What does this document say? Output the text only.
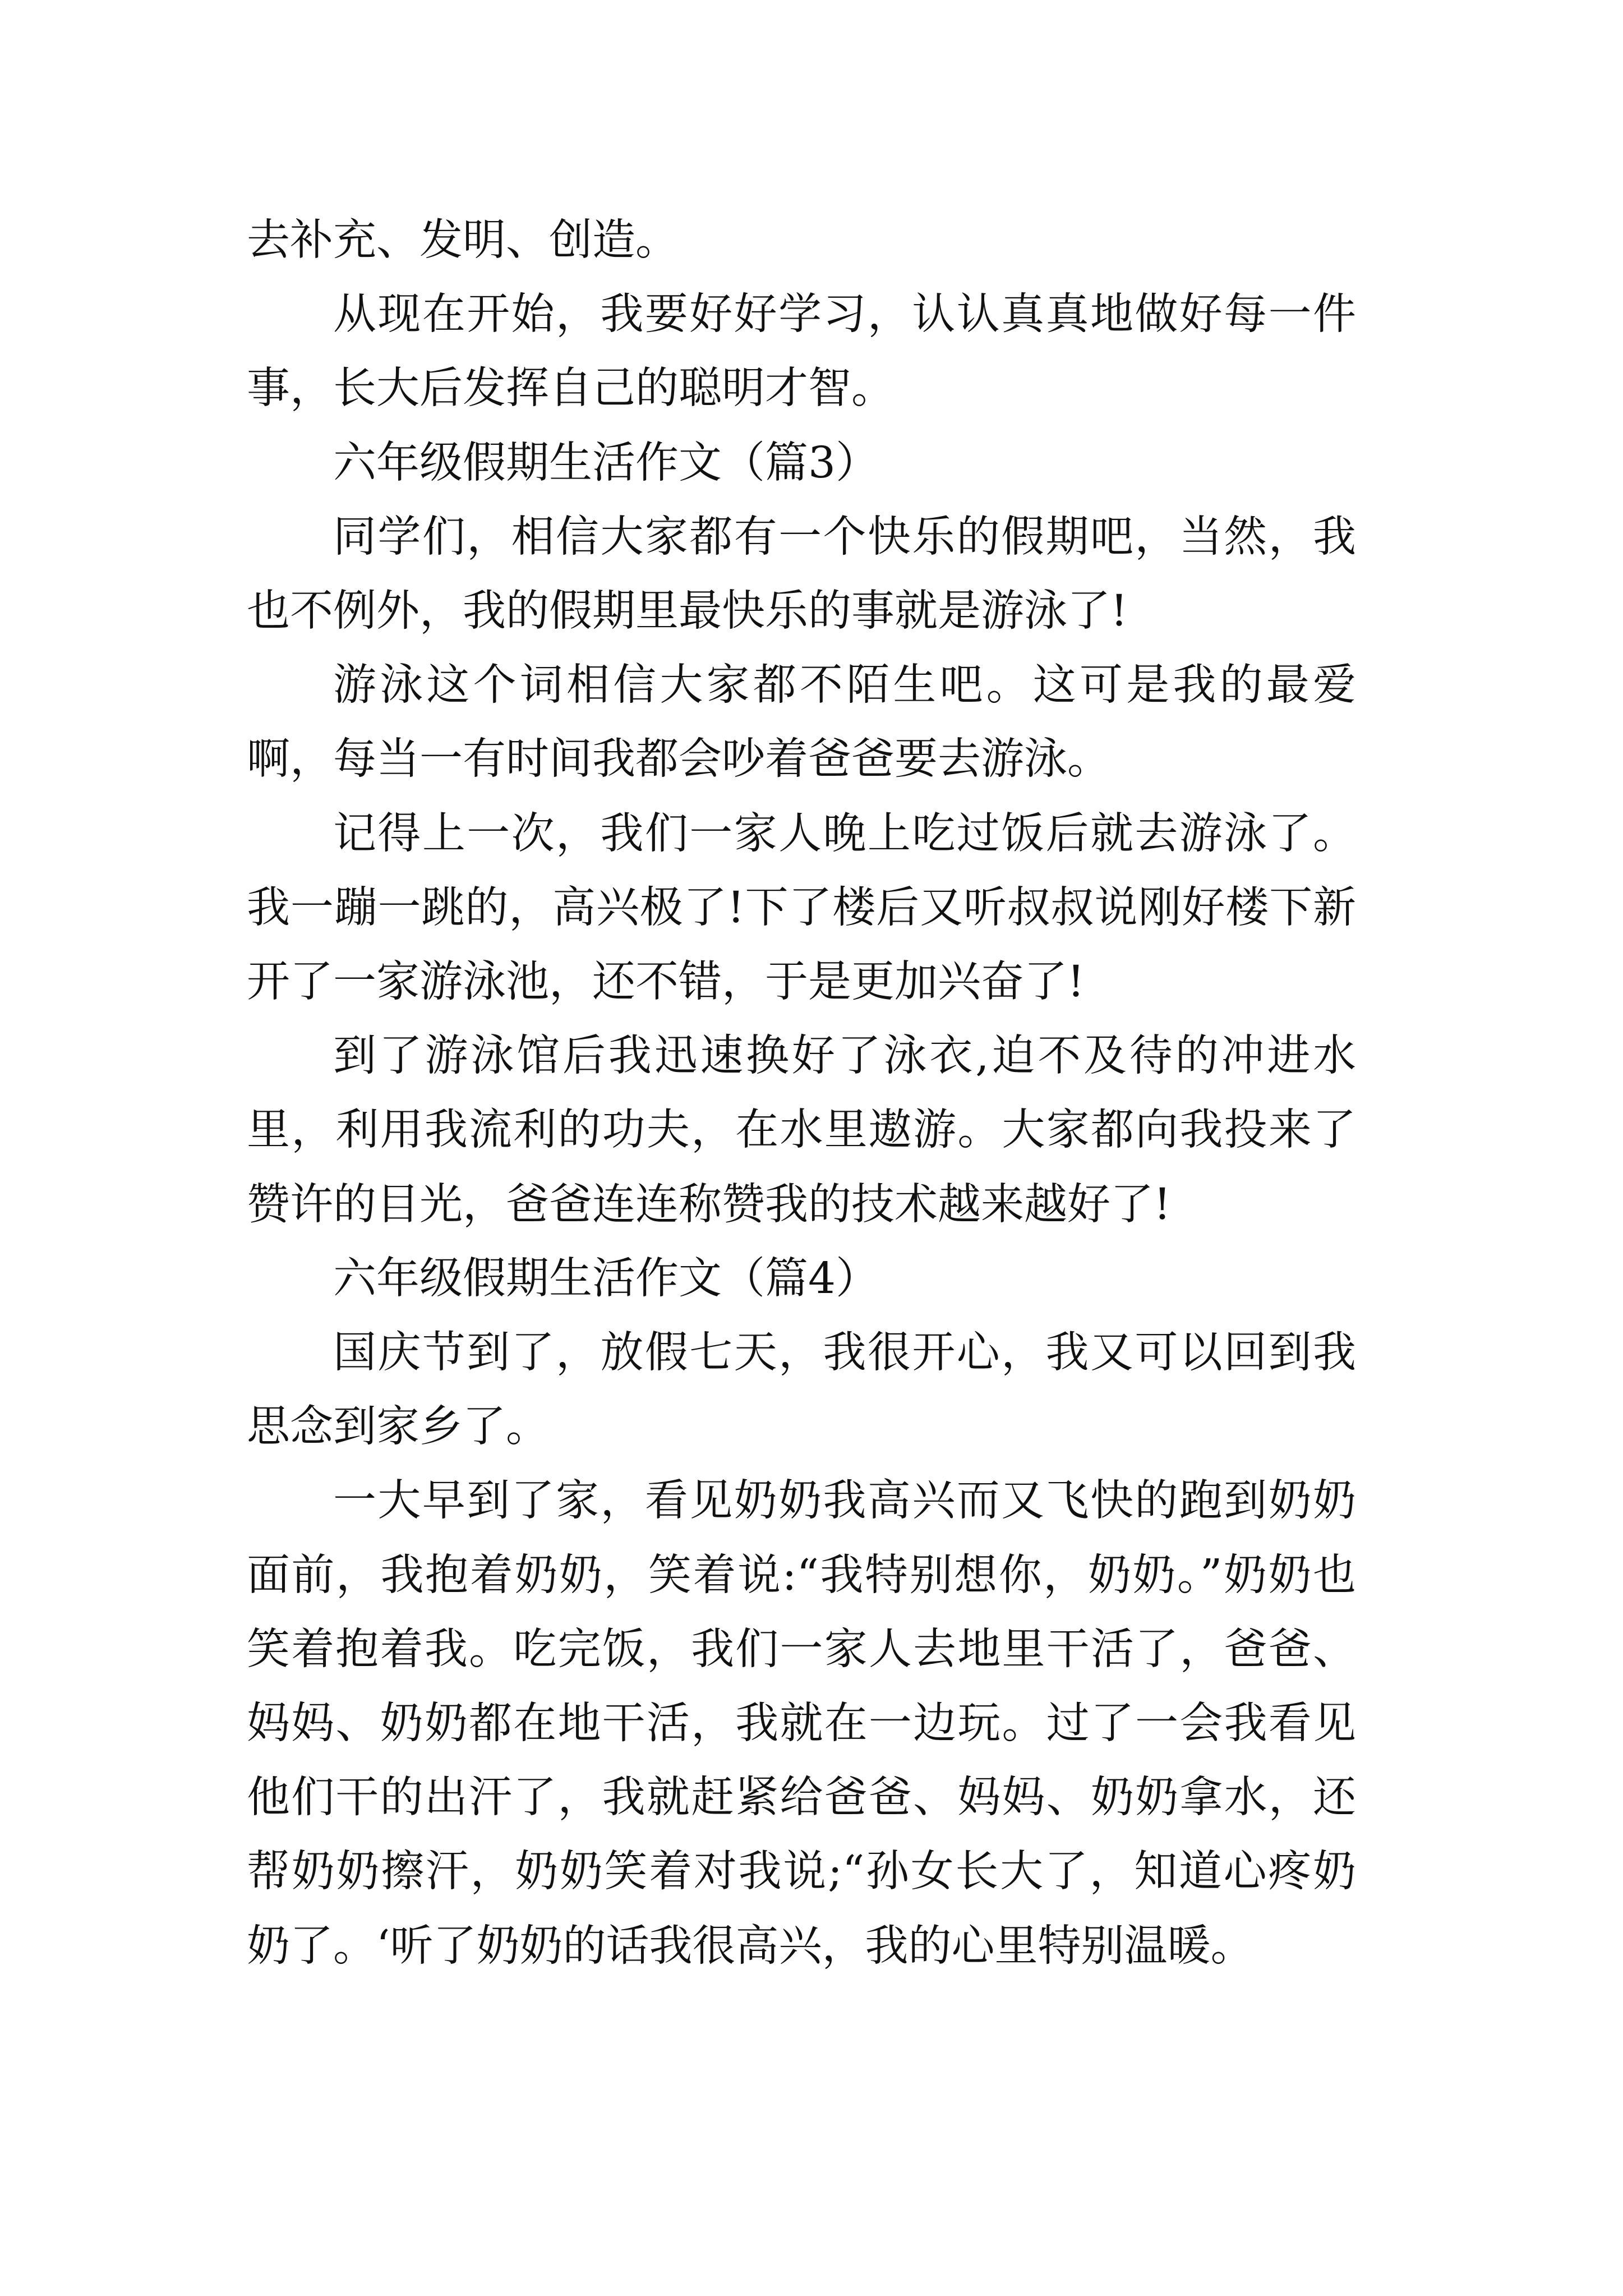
去补充、发明、创造。

从现在开始，我要好好学习，认认真真地做好每一件事，长大后发挥自己的聪明才智。

六年级假期生活作文（篇3）

同学们，相信大家都有一个快乐的假期吧，当然，我也不例外，我的假期里最快乐的事就是游泳了!

游泳这个词相信大家都不陌生吧。这可是我的最爱啊，每当一有时间我都会吵着爸爸要去游泳。

记得上一次，我们一家人晚上吃过饭后就去游泳了。我一蹦一跳的，高兴极了!下了楼后又听叔叔说刚好楼下新开了一家游泳池，还不错，于是更加兴奋了!

到了游泳馆后我迅速换好了泳衣,迫不及待的冲进水里，利用我流利的功夫，在水里遨游。大家都向我投来了赞许的目光，爸爸连连称赞我的技术越来越好了!

六年级假期生活作文（篇4）

国庆节到了，放假七天，我很开心，我又可以回到我思念到家乡了。

一大早到了家，看见奶奶我高兴而又飞快的跑到奶奶面前，我抱着奶奶，笑着说:“我特别想你，奶奶。”奶奶也笑着抱着我。吃完饭，我们一家人去地里干活了，爸爸、妈妈、奶奶都在地干活，我就在一边玩。过了一会我看见他们干的出汗了，我就赶紧给爸爸、妈妈、奶奶拿水，还帮奶奶擦汗，奶奶笑着对我说;“孙女长大了，知道心疼奶奶了。‘听了奶奶的话我很高兴，我的心里特别温暖。
